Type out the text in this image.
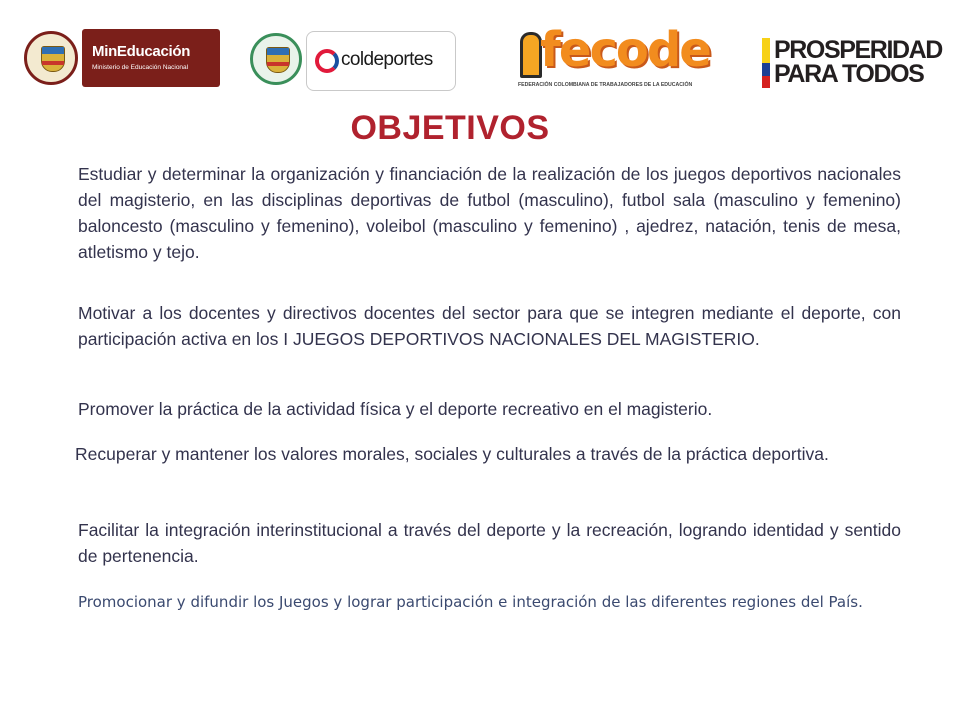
MinEducación
Ministerio de Educación Nacional	coldeportes fecode
FEDERACIÓN COLOMBIANA DE TRABAJADORES DE LA EDUCACIÓN
PROSPERIDAD
PARA TODOS
OBJETIVOS

Estudiar y determinar la organización y financiación de la realización de los juegos deportivos nacionales del magisterio, en las disciplinas deportivas de futbol (masculino), futbol sala (masculino y femenino) baloncesto (masculino y femenino), voleibol (masculino y femenino) , ajedrez, natación, tenis de mesa, atletismo y tejo.

Motivar a los docentes y directivos docentes del sector para que se integren mediante el deporte, con participación activa en los I JUEGOS DEPORTIVOS NACIONALES DEL MAGISTERIO.

Promover la práctica de la actividad física y el deporte recreativo en el magisterio.

Recuperar y mantener los valores morales, sociales y culturales a través de la práctica deportiva.

Facilitar la integración interinstitucional a través del deporte y la recreación, logrando identidad y sentido de pertenencia.

Promocionar y difundir los Juegos y lograr participación e integración de las diferentes regiones del País.
